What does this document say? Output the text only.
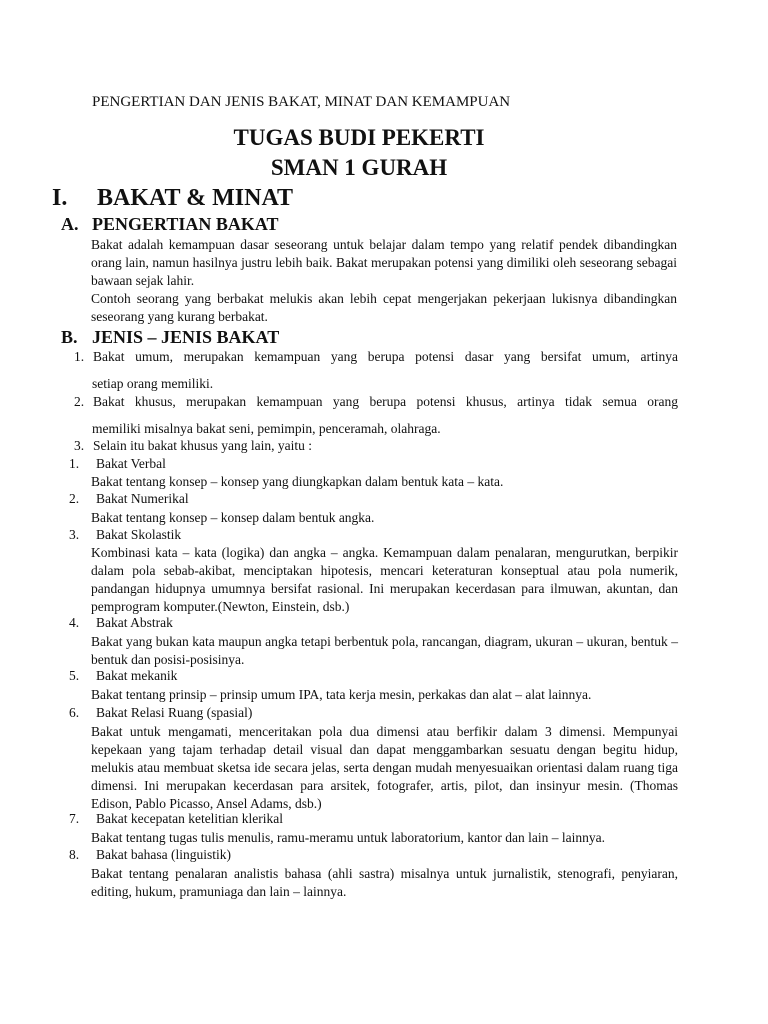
PENGERTIAN DAN JENIS BAKAT, MINAT DAN KEMAMPUAN
TUGAS BUDI PEKERTI
SMAN 1 GURAH
I. BAKAT & MINAT
A. PENGERTIAN BAKAT

Bakat adalah kemampuan dasar seseorang untuk belajar dalam tempo yang relatif pendek dibandingkan orang lain, namun hasilnya justru lebih baik. Bakat merupakan potensi yang dimiliki oleh seseorang sebagai bawaan sejak lahir.

Contoh seorang yang berbakat melukis akan lebih cepat mengerjakan pekerjaan lukisnya dibandingkan seseorang yang kurang berbakat.

B. JENIS – JENIS BAKAT
1. Bakat umum, merupakan kemampuan yang berupa potensi dasar yang bersifat umum, artinya
setiap orang memiliki.
2. Bakat khusus, merupakan kemampuan yang berupa potensi khusus, artinya tidak semua orang
memiliki misalnya bakat seni, pemimpin, penceramah, olahraga.
3. Selain itu bakat khusus yang lain, yaitu :
1. Bakat Verbal
Bakat tentang konsep – konsep yang diungkapkan dalam bentuk kata – kata.
2. Bakat Numerikal
Bakat tentang konsep – konsep dalam bentuk angka.
3. Bakat Skolastik
Kombinasi kata – kata (logika) dan angka – angka. Kemampuan dalam penalaran, mengurutkan, berpikir dalam pola sebab-akibat, menciptakan hipotesis, mencari keteraturan konseptual atau pola numerik, pandangan hidupnya umumnya bersifat rasional. Ini merupakan kecerdasan para ilmuwan, akuntan, dan pemprogram komputer.(Newton, Einstein, dsb.)
4. Bakat Abstrak
Bakat yang bukan kata maupun angka tetapi berbentuk pola, rancangan, diagram, ukuran – ukuran, bentuk – bentuk dan posisi-posisinya.
5. Bakat mekanik
Bakat tentang prinsip – prinsip umum IPA, tata kerja mesin, perkakas dan alat – alat lainnya.
6. Bakat Relasi Ruang (spasial)
Bakat untuk mengamati, menceritakan pola dua dimensi atau berfikir dalam 3 dimensi. Mempunyai kepekaan yang tajam terhadap detail visual dan dapat menggambarkan sesuatu dengan begitu hidup, melukis atau membuat sketsa ide secara jelas, serta dengan mudah menyesuaikan orientasi dalam ruang tiga dimensi. Ini merupakan kecerdasan para arsitek, fotografer, artis, pilot, dan insinyur mesin. (Thomas Edison, Pablo Picasso, Ansel Adams, dsb.)
7. Bakat kecepatan ketelitian klerikal
Bakat tentang tugas tulis menulis, ramu-meramu untuk laboratorium, kantor dan lain – lainnya.
8. Bakat bahasa (linguistik)
Bakat tentang penalaran analistis bahasa (ahli sastra) misalnya untuk jurnalistik, stenografi, penyiaran, editing, hukum, pramuniaga dan lain – lainnya.
